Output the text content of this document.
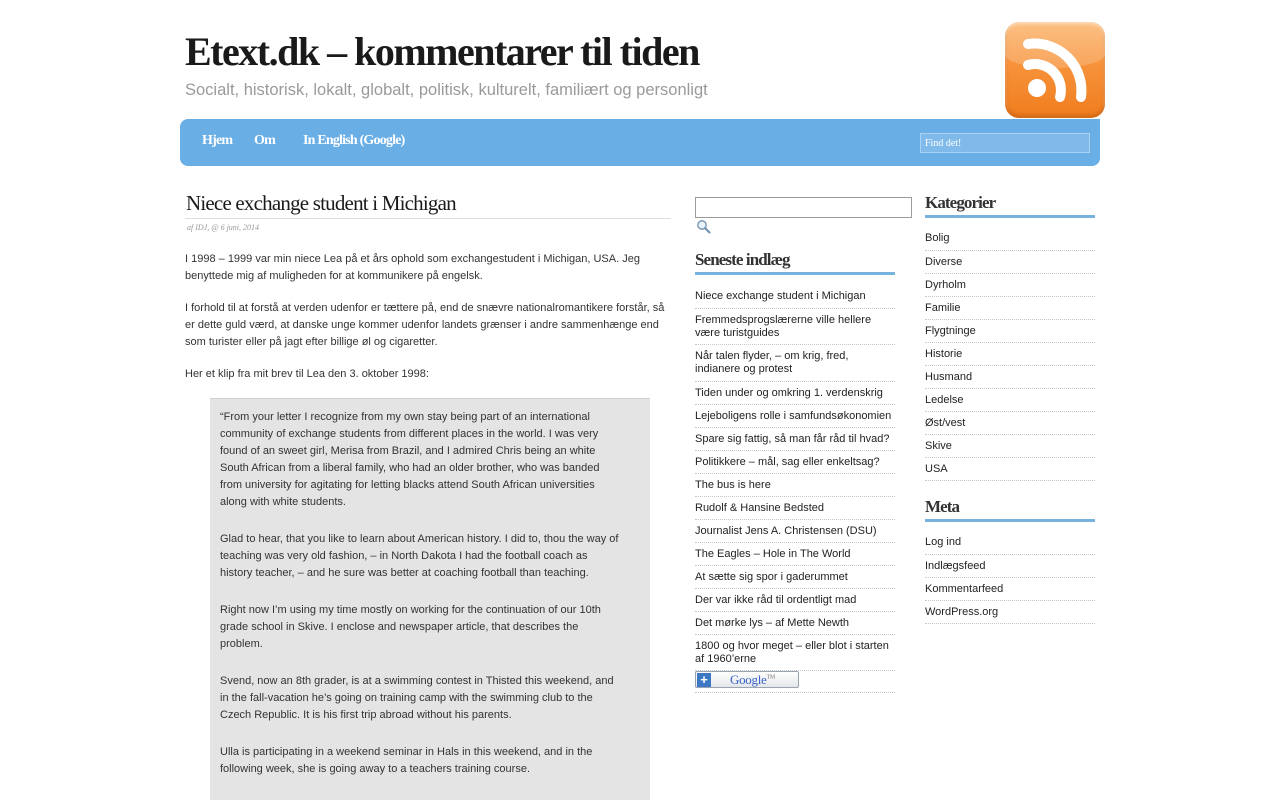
Etext.dk – kommentarer til tiden
Socialt, historisk, lokalt, globalt, politisk, kulturelt, familiært og personligt
Hjem Om In English (Google)
Find det!
Niece exchange student i Michigan
af IDJ, @ 6 juni, 2014

I 1998 – 1999 var min niece Lea på et års ophold som exchangestudent i Michigan, USA. Jeg benyttede mig af muligheden for at kommunikere på engelsk.

I forhold til at forstå at verden udenfor er tættere på, end de snævre nationalromantikere forstår, så er dette guld værd, at danske unge kommer udenfor landets grænser i andre sammenhænge end som turister eller på jagt efter billige øl og cigaretter.

Her et klip fra mit brev til Lea den 3. oktober 1998:

“From your letter I recognize from my own stay being part of an international community of exchange students from different places in the world. I was very found of an sweet girl, Merisa from Brazil, and I admired Chris being an white South African from a liberal family, who had an older brother, who was banded from university for agitating for letting blacks attend South African universities along with white students.

Glad to hear, that you like to learn about American history. I did to, thou the way of teaching was very old fashion, – in North Dakota I had the football coach as history teacher, – and he sure was better at coaching football than teaching.

Right now I’m using my time mostly on working for the continuation of our 10th grade school in Skive. I enclose and newspaper article, that describes the problem.

Svend, now an 8th grader, is at a swimming contest in Thisted this weekend, and in the fall-vacation he’s going on training camp with the swimming club to the Czech Republic. It is his first trip abroad without his parents.

Ulla is participating in a weekend seminar in Hals in this weekend, and in the following week, she is going away to a teachers training course.

Seneste indlæg
Niece exchange student i Michigan
Fremmedsprogslærerne ville hellere være turistguides
Når talen flyder, – om krig, fred, indianere og protest
Tiden under og omkring 1. verdenskrig
Lejeboligens rolle i samfundsøkonomien
Spare sig fattig, så man får råd til hvad?
Politikkere – mål, sag eller enkeltsag?
The bus is here
Rudolf & Hansine Bedsted
Journalist Jens A. Christensen (DSU)
The Eagles – Hole in The World
At sætte sig spor i gaderummet
Der var ikke råd til ordentligt mad
Det mørke lys – af Mette Newth
1800 og hvor meget – eller blot i starten af 1960’erne
+ Google™
Kategorier
Bolig
Diverse
Dyrholm
Familie
Flygtninge
Historie
Husmand
Ledelse
Øst/vest
Skive
USA
Meta
Log ind
Indlægsfeed
Kommentarfeed
WordPress.org
